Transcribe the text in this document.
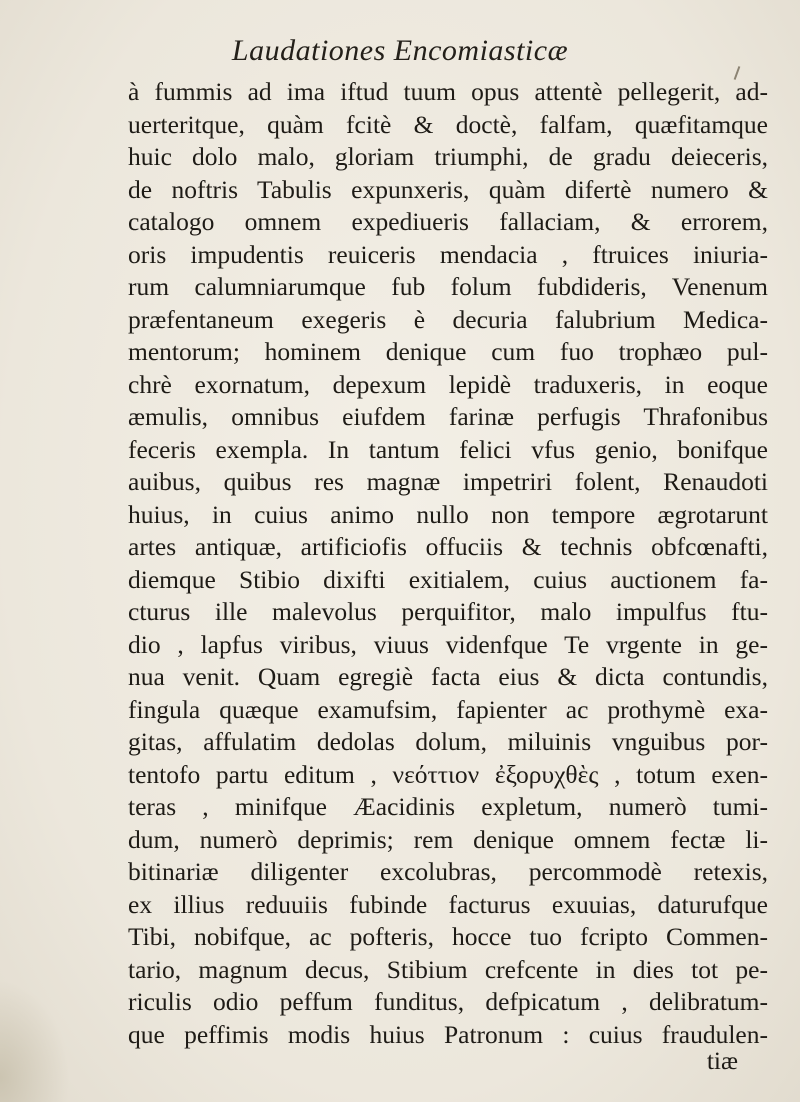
Laudationes Encomiasticæ
à fummis ad ima iftud tuum opus attentè pellegerit, ad-
uerteritque, quàm fcitè & doctè, falfam, quæfitamque
huic dolo malo, gloriam triumphi, de gradu deieceris,
de noftris Tabulis expunxeris, quàm difertè numero &
catalogo omnem expediueris fallaciam, & errorem,
oris impudentis reuiceris mendacia , ftruices iniuria-
rum calumniarumque fub folum fubdideris, Venenum
præfentaneum exegeris è decuria falubrium Medica-
mentorum; hominem denique cum fuo trophæo pul-
chrè exornatum, depexum lepidè traduxeris, in eoque
æmulis, omnibus eiufdem farinæ perfugis Thrafonibus
feceris exempla. In tantum felici vfus genio, bonifque
auibus, quibus res magnæ impetriri folent, Renaudoti
huius, in cuius animo nullo non tempore ægrotarunt
artes antiquæ, artificiofis offuciis & technis obfcœnafti,
diemque Stibio dixifti exitialem, cuius auctionem fa-
cturus ille malevolus perquifitor, malo impulfus ftu-
dio , lapfus viribus, viuus videnfque Te vrgente in ge-
nua venit. Quam egregiè facta eius & dicta contundis,
fingula quæque examufsim, fapienter ac prothymè exa-
gitas, affulatim dedolas dolum, miluinis vnguibus por-
tentofo partu editum , νεόττιον ἐξορυχθὲς , totum exen-
teras , minifque Æacidinis expletum, numerò tumi-
dum, numerò deprimis; rem denique omnem fectæ li-
bitinariæ diligenter excolubras, percommodè retexis,
ex illius reduuiis fubinde facturus exuuias, daturufque
Tibi, nobifque, ac pofteris, hocce tuo fcripto Commen-
tario, magnum decus, Stibium crefcente in dies tot pe-
riculis odio peffum funditus, defpicatum , delibratum-
que peffimis modis huius Patronum : cuius fraudulen-
tiæ
